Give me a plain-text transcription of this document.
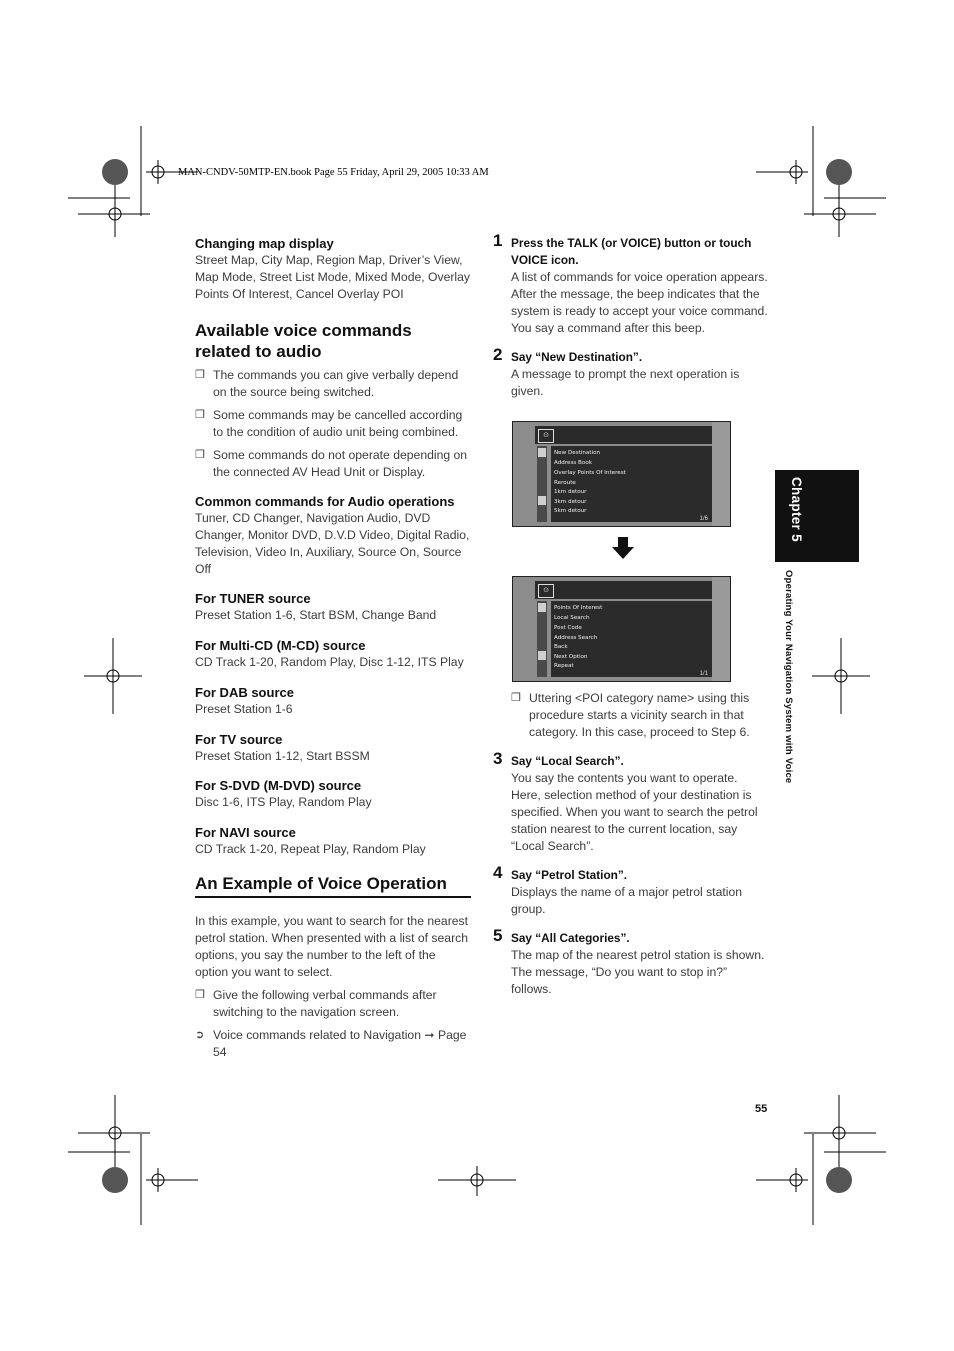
MAN-CNDV-50MTP-EN.book Page 55 Friday, April 29, 2005 10:33 AM
Changing map display
Street Map, City Map, Region Map, Driver’s View, Map Mode, Street List Mode, Mixed Mode, Overlay Points Of Interest, Cancel Overlay POI
Available voice commands related to audio
❐ The commands you can give verbally depend on the source being switched.
❐ Some commands may be cancelled according to the condition of audio unit being combined.
❐ Some commands do not operate depending on the connected AV Head Unit or Display.
Common commands for Audio operations
Tuner, CD Changer, Navigation Audio, DVD Changer, Monitor DVD, D.V.D Video, Digital Radio, Television, Video In, Auxiliary, Source On, Source Off
For TUNER source
Preset Station 1-6, Start BSM, Change Band
For Multi-CD (M-CD) source
CD Track 1-20, Random Play, Disc 1-12, ITS Play
For DAB source
Preset Station 1-6
For TV source
Preset Station 1-12, Start BSSM
For S-DVD (M-DVD) source
Disc 1-6, ITS Play, Random Play
For NAVI source
CD Track 1-20, Repeat Play, Random Play
An Example of Voice Operation
In this example, you want to search for the nearest petrol station. When presented with a list of search options, you say the number to the left of the option you want to select.
❐ Give the following verbal commands after switching to the navigation screen.
➲ Voice commands related to Navigation ➞ Page 54
1 Press the TALK (or VOICE) button or touch VOICE icon.
A list of commands for voice operation appears. After the message, the beep indicates that the system is ready to accept your voice command. You say a command after this beep.
2 Say “New Destination”.
A message to prompt the next operation is given.
⊙
New Destination
Address Book
Overlay Points Of Interest
Reroute
1km detour
3km detour
5km detour
1/6
⊙
Points Of Interest
Local Search
Post Code
Address Search
Back
Next Option
Repeat
1/1
❐ Uttering <POI category name> using this procedure starts a vicinity search in that category. In this case, proceed to Step 6.
3 Say “Local Search”.
You say the contents you want to operate. Here, selection method of your destination is specified. When you want to search the petrol station nearest to the current location, say “Local Search”.
4 Say “Petrol Station”.
Displays the name of a major petrol station group.
5 Say “All Categories”.
The map of the nearest petrol station is shown. The message, “Do you want to stop in?” follows.
Chapter 5
Operating Your Navigation System with Voice
55
